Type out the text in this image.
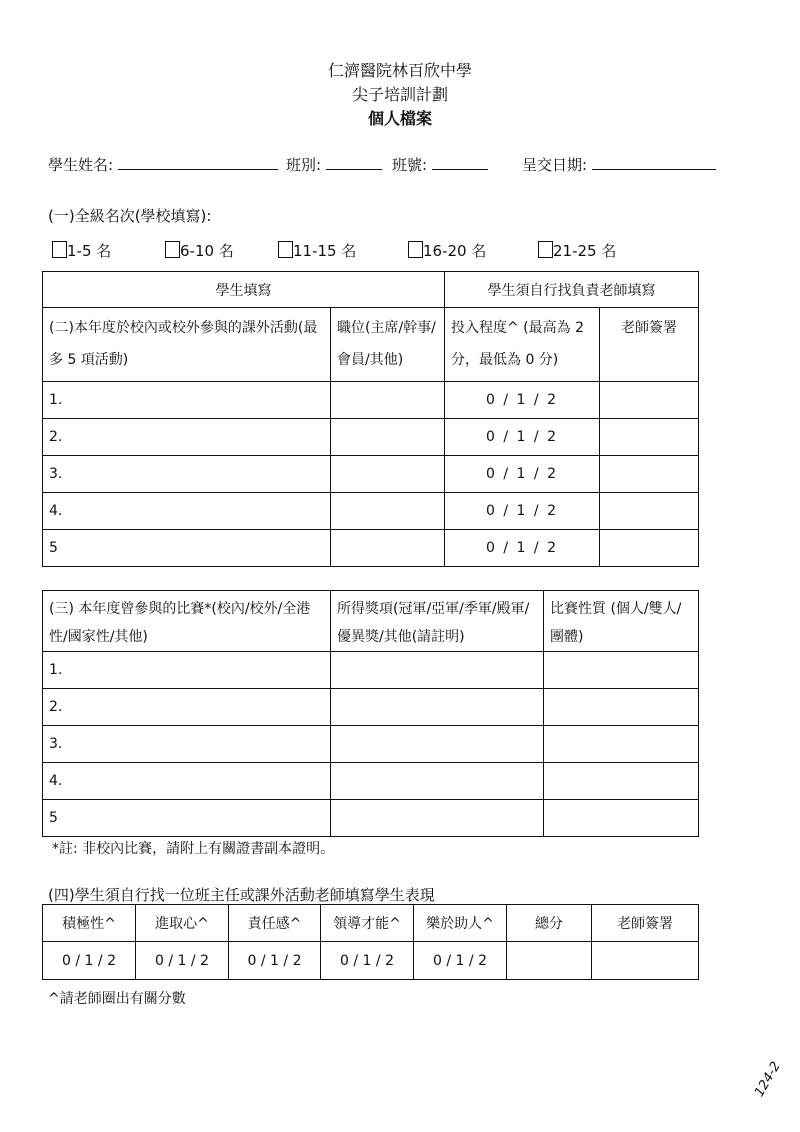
仁濟醫院林百欣中學
尖子培訓計劃
個人檔案
學生姓名:	班別:	班號:	呈交日期:
(一)全級名次(學校填寫):
1-5 名	6-10 名	11-15 名	16-20 名	21-25 名
學生填寫		學生須自行找負責老師填寫	
(二)本年度於校內或校外參與的課外活動(最多 5 項活動)	職位(主席/幹事/會員/其他)	投入程度^ (最高為 2 分，最低為 0 分)	老師簽署
1.		0 / 1 / 2	
2.		0 / 1 / 2	
3.		0 / 1 / 2	
4.		0 / 1 / 2	
5		0 / 1 / 2	
(三) 本年度曾參與的比賽*(校內/校外/全港性/國家性/其他)	所得獎項(冠軍/亞軍/季軍/殿軍/優異獎/其他(請註明)	比賽性質 (個人/雙人/團體)
1.		
2.		
3.		
4.		
5		
*註: 非校內比賽，請附上有關證書副本證明。
(四)學生須自行找一位班主任或課外活動老師填寫學生表現
積極性^	進取心^	責任感^	領導才能^	樂於助人^	總分	老師簽署
0 / 1 / 2	0 / 1 / 2	0 / 1 / 2	0 / 1 / 2	0 / 1 / 2		
^請老師圈出有關分數
124-2
